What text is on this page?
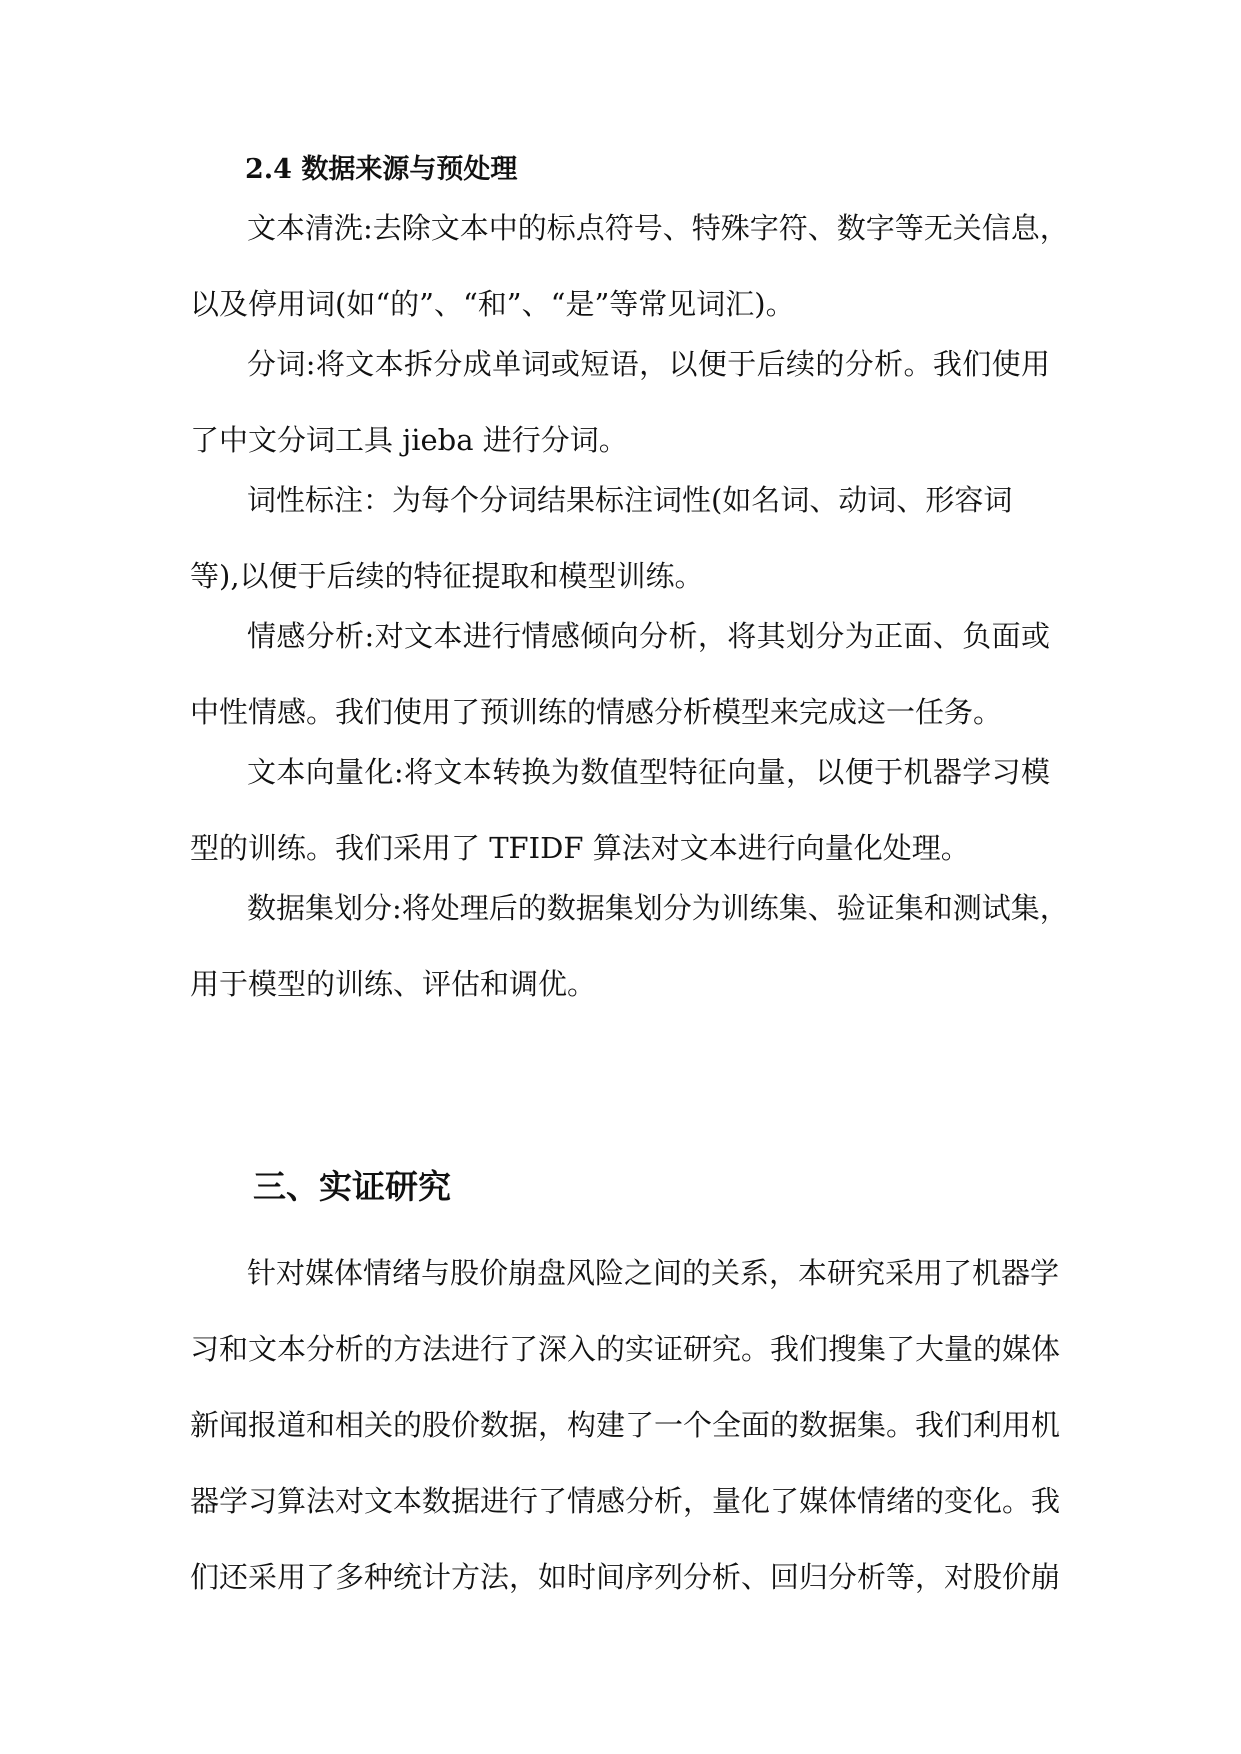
2.4 数据来源与预处理

文本清洗:去除文本中的标点符号、特殊字符、数字等无关信息，
以及停用词(如“的”、“和”、“是”等常见词汇)。

分词:将文本拆分成单词或短语，以便于后续的分析。我们使用
了中文分词工具 jieba 进行分词。

词性标注：为每个分词结果标注词性(如名词、动词、形容词
等),以便于后续的特征提取和模型训练。

情感分析:对文本进行情感倾向分析，将其划分为正面、负面或
中性情感。我们使用了预训练的情感分析模型来完成这一任务。

文本向量化:将文本转换为数值型特征向量，以便于机器学习模
型的训练。我们采用了 TFIDF 算法对文本进行向量化处理。

数据集划分:将处理后的数据集划分为训练集、验证集和测试集，
用于模型的训练、评估和调优。

三、实证研究

针对媒体情绪与股价崩盘风险之间的关系，本研究采用了机器学
习和文本分析的方法进行了深入的实证研究。我们搜集了大量的媒体
新闻报道和相关的股价数据，构建了一个全面的数据集。我们利用机
器学习算法对文本数据进行了情感分析，量化了媒体情绪的变化。我
们还采用了多种统计方法，如时间序列分析、回归分析等，对股价崩
